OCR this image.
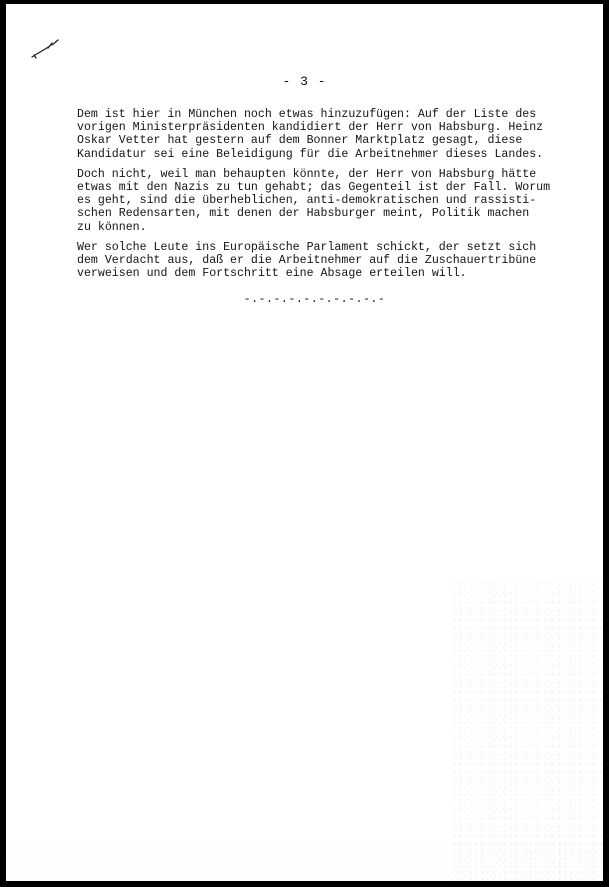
- 3 -

Dem ist hier in München noch etwas hinzuzufügen: Auf der Liste des
vorigen Ministerpräsidenten kandidiert der Herr von Habsburg. Heinz
Oskar Vetter hat gestern auf dem Bonner Marktplatz gesagt, diese
Kandidatur sei eine Beleidigung für die Arbeitnehmer dieses Landes.

Doch nicht, weil man behaupten könnte, der Herr von Habsburg hätte
etwas mit den Nazis zu tun gehabt; das Gegenteil ist der Fall. Worum
es geht, sind die überheblichen, anti-demokratischen und rassisti-
schen Redensarten, mit denen der Habsburger meint, Politik machen
zu können.

Wer solche Leute ins Europäische Parlament schickt, der setzt sich
dem Verdacht aus, daß er die Arbeitnehmer auf die Zuschauertribüne
verweisen und dem Fortschritt eine Absage erteilen will.

-.-.-.-.-.-.-.-.-.-
